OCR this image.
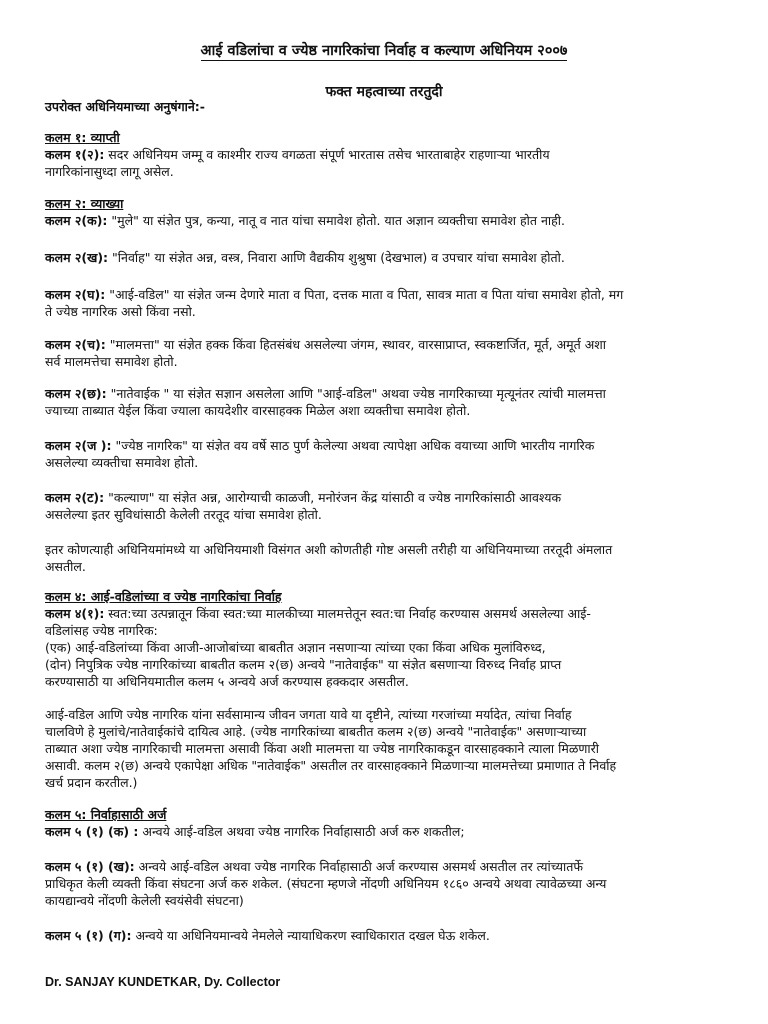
आई वडिलांचा व ज्येष्ठ नागरिकांचा निर्वाह व कल्याण अधिनियम २००७
फक्त महत्वाच्या तरतुदी
उपरोक्त अधिनियमाच्या अनुषंगाने:-
कलम १: व्याप्ती
कलम १(२): सदर अधिनियम जम्मू व काश्मीर राज्य वगळता संपूर्ण भारतास तसेच भारताबाहेर राहणाऱ्या भारतीय
नागरिकांनासुध्दा लागू असेल.
कलम २: व्याख्या
कलम २(क): "मुले" या संज्ञेत पुत्र, कन्या, नातू व नात यांचा समावेश होतो. यात अज्ञान व्यक्तीचा समावेश होत नाही.
कलम २(ख): "निर्वाह" या संज्ञेत अन्न, वस्त्र, निवारा आणि वैद्यकीय शुश्रुषा (देखभाल) व उपचार यांचा समावेश होतो.
कलम २(घ): "आई-वडिल" या संज्ञेत जन्म देणारे माता व पिता, दत्तक माता व पिता, सावत्र माता व पिता यांचा समावेश होतो, मग
ते ज्येष्ठ नागरिक असो किंवा नसो.
कलम २(च): "मालमत्ता" या संज्ञेत हक्क किंवा हितसंबंध असलेल्या जंगम, स्थावर, वारसाप्राप्त, स्वकष्टार्जित, मूर्त, अमूर्त अशा
सर्व मालमत्तेचा समावेश होतो.
कलम २(छ): "नातेवाईक " या संज्ञेत सज्ञान असलेला आणि "आई-वडिल" अथवा ज्येष्ठ नागरिकाच्या मृत्यूनंतर त्यांची मालमत्ता
ज्याच्या ताब्यात येईल किंवा ज्याला कायदेशीर वारसाहक्क मिळेल अशा व्यक्तीचा समावेश होतो.
कलम २(ज ): "ज्येष्ठ नागरिक" या संज्ञेत वय वर्षे साठ पुर्ण केलेल्या अथवा त्यापेक्षा अधिक वयाच्या आणि भारतीय नागरिक
असलेल्या व्यक्तीचा समावेश होतो.
कलम २(ट): "कल्याण" या संज्ञेत अन्न, आरोग्याची काळजी, मनोरंजन केंद्र यांसाठी व ज्येष्ठ नागरिकांसाठी आवश्यक
असलेल्या इतर सुविधांसाठी केलेली तरतूद यांचा समावेश होतो.
इतर कोणत्याही अधिनियमांमध्ये या अधिनियमाशी विसंगत अशी कोणतीही गोष्ट असली तरीही या अधिनियमाच्या तरतूदी अंमलात
असतील.
कलम ४: आई-वडिलांच्या व ज्येष्ठ नागरिकांचा निर्वाह
कलम ४(१): स्वत:च्या उत्पन्नातून किंवा स्वत:च्या मालकीच्या मालमत्तेतून स्वत:चा निर्वाह करण्यास असमर्थ असलेल्या आई-
वडिलांसह ज्येष्ठ नागरिक:
(एक) आई-वडिलांच्या किंवा आजी-आजोबांच्या बाबतीत अज्ञान नसणाऱ्या त्यांच्या एका किंवा अधिक मुलांविरुध्द,
(दोन) निपुत्रिक ज्येष्ठ नागरिकांच्या बाबतीत कलम २(छ) अन्वये "नातेवाईक" या संज्ञेत बसणाऱ्या विरुध्द निर्वाह प्राप्त
करण्यासाठी या अधिनियमातील कलम ५ अन्वये अर्ज करण्यास हक्कदार असतील.
आई-वडिल आणि ज्येष्ठ नागरिक यांना सर्वसामान्य जीवन जगता यावे या दृष्टीने, त्यांच्या गरजांच्या मर्यादेत, त्यांचा निर्वाह
चालविणे हे मुलांचे/नातेवाईकांचे दायित्व आहे. (ज्येष्ठ नागरिकांच्या बाबतीत कलम २(छ) अन्वये "नातेवाईक" असणाऱ्याच्या
ताब्यात अशा ज्येष्ठ नागरिकाची मालमत्ता असावी किंवा अशी मालमत्ता या ज्येष्ठ नागरिकाकडून वारसाहक्काने त्याला मिळणारी
असावी. कलम २(छ) अन्वये एकापेक्षा अधिक "नातेवाईक" असतील तर वारसाहक्काने मिळणाऱ्या मालमत्तेच्या प्रमाणात ते निर्वाह
खर्च प्रदान करतील.)
कलम ५: निर्वाहासाठी अर्ज
कलम ५ (१) (क) : अन्वये आई-वडिल अथवा ज्येष्ठ नागरिक निर्वाहासाठी अर्ज करु शकतील;
कलम ५ (१) (ख): अन्वये आई-वडिल अथवा ज्येष्ठ नागरिक निर्वाहासाठी अर्ज करण्यास असमर्थ असतील तर त्यांच्यातर्फे
प्राधिकृत केली व्यक्ती किंवा संघटना अर्ज करु शकेल. (संघटना म्हणजे नोंदणी अधिनियम १८६० अन्वये अथवा त्यावेळच्या अन्य
कायद्यान्वये नोंदणी केलेली स्वयंसेवी संघटना)
कलम ५ (१) (ग): अन्वये या अधिनियमान्वये नेमलेले न्यायाधिकरण स्वाधिकारात दखल घेऊ शकेल.
Dr. SANJAY KUNDETKAR, Dy. Collector
